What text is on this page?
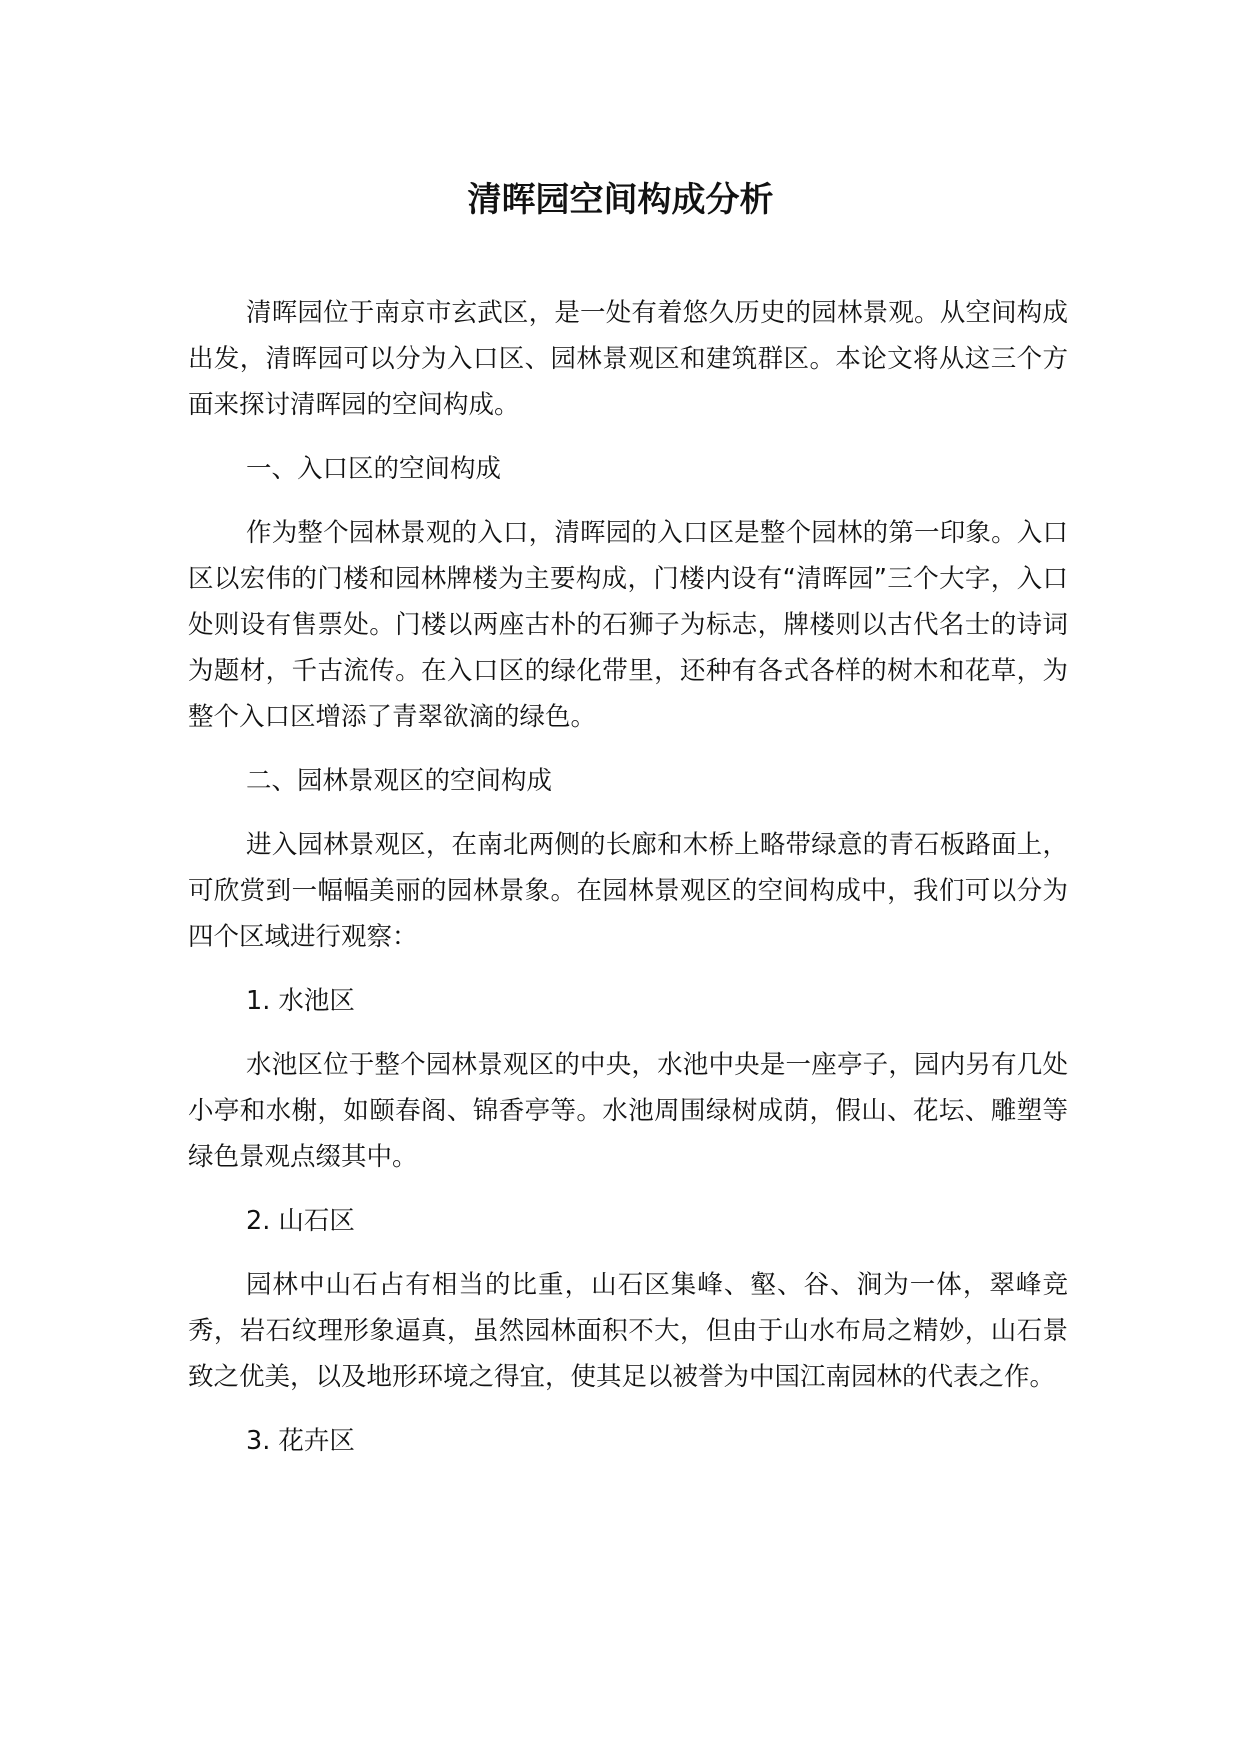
清晖园空间构成分析

清晖园位于南京市玄武区，是一处有着悠久历史的园林景观。从空间构成出发，清晖园可以分为入口区、园林景观区和建筑群区。本论文将从这三个方面来探讨清晖园的空间构成。

一、入口区的空间构成

作为整个园林景观的入口，清晖园的入口区是整个园林的第一印象。入口区以宏伟的门楼和园林牌楼为主要构成，门楼内设有“清晖园”三个大字，入口处则设有售票处。门楼以两座古朴的石狮子为标志，牌楼则以古代名士的诗词为题材，千古流传。在入口区的绿化带里，还种有各式各样的树木和花草，为整个入口区增添了青翠欲滴的绿色。

二、园林景观区的空间构成

进入园林景观区，在南北两侧的长廊和木桥上略带绿意的青石板路面上，可欣赏到一幅幅美丽的园林景象。在园林景观区的空间构成中，我们可以分为四个区域进行观察：

1. 水池区

水池区位于整个园林景观区的中央，水池中央是一座亭子，园内另有几处小亭和水榭，如颐春阁、锦香亭等。水池周围绿树成荫，假山、花坛、雕塑等绿色景观点缀其中。

2. 山石区

园林中山石占有相当的比重，山石区集峰、壑、谷、涧为一体，翠峰竞秀，岩石纹理形象逼真，虽然园林面积不大，但由于山水布局之精妙，山石景致之优美，以及地形环境之得宜，使其足以被誉为中国江南园林的代表之作。

3. 花卉区
